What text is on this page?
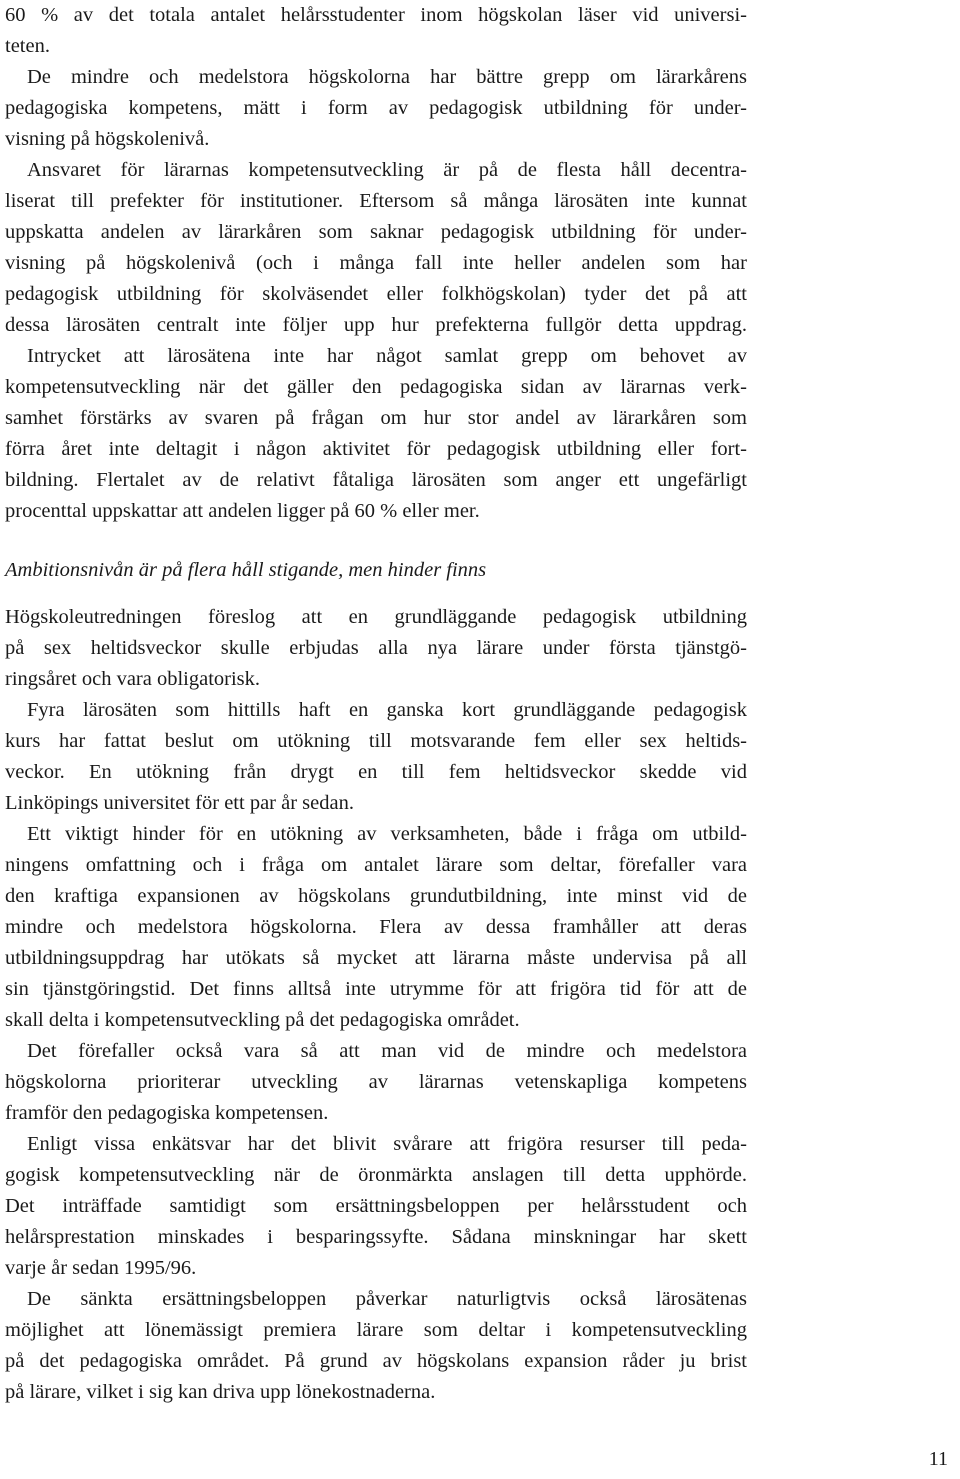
60 % av det totala antalet helårsstudenter inom högskolan läser vid universi-
teten.
De mindre och medelstora högskolorna har bättre grepp om lärarkårens
pedagogiska kompetens, mätt i form av pedagogisk utbildning för under-
visning på högskolenivå.
Ansvaret för lärarnas kompetensutveckling är på de flesta håll decentra-
liserat till prefekter för institutioner. Eftersom så många lärosäten inte kunnat
uppskatta andelen av lärarkåren som saknar pedagogisk utbildning för under-
visning på högskolenivå (och i många fall inte heller andelen som har
pedagogisk utbildning för skolväsendet eller folkhögskolan) tyder det på att
dessa lärosäten centralt inte följer upp hur prefekterna fullgör detta uppdrag.
Intrycket att lärosätena inte har något samlat grepp om behovet av
kompetensutveckling när det gäller den pedagogiska sidan av lärarnas verk-
samhet förstärks av svaren på frågan om hur stor andel av lärarkåren som
förra året inte deltagit i någon aktivitet för pedagogisk utbildning eller fort-
bildning. Flertalet av de relativt fåtaliga lärosäten som anger ett ungefärligt
procenttal uppskattar att andelen ligger på 60 % eller mer.
Ambitionsnivån är på flera håll stigande, men hinder finns
Högskoleutredningen föreslog att en grundläggande pedagogisk utbildning
på sex heltidsveckor skulle erbjudas alla nya lärare under första tjänstgö-
ringsåret och vara obligatorisk.
Fyra lärosäten som hittills haft en ganska kort grundläggande pedagogisk
kurs har fattat beslut om utökning till motsvarande fem eller sex heltids-
veckor. En utökning från drygt en till fem heltidsveckor skedde vid
Linköpings universitet för ett par år sedan.
Ett viktigt hinder för en utökning av verksamheten, både i fråga om utbild-
ningens omfattning och i fråga om antalet lärare som deltar, förefaller vara
den kraftiga expansionen av högskolans grundutbildning, inte minst vid de
mindre och medelstora högskolorna. Flera av dessa framhåller att deras
utbildningsuppdrag har utökats så mycket att lärarna måste undervisa på all
sin tjänstgöringstid. Det finns alltså inte utrymme för att frigöra tid för att de
skall delta i kompetensutveckling på det pedagogiska området.
Det förefaller också vara så att man vid de mindre och medelstora
högskolorna prioriterar utveckling av lärarnas vetenskapliga kompetens
framför den pedagogiska kompetensen.
Enligt vissa enkätsvar har det blivit svårare att frigöra resurser till peda-
gogisk kompetensutveckling när de öronmärkta anslagen till detta upphörde.
Det inträffade samtidigt som ersättningsbeloppen per helårsstudent och
helårsprestation minskades i besparingssyfte. Sådana minskningar har skett
varje år sedan 1995/96.
De sänkta ersättningsbeloppen påverkar naturligtvis också lärosätenas
möjlighet att lönemässigt premiera lärare som deltar i kompetensutveckling
på det pedagogiska området. På grund av högskolans expansion råder ju brist
på lärare, vilket i sig kan driva upp lönekostnaderna.
11
